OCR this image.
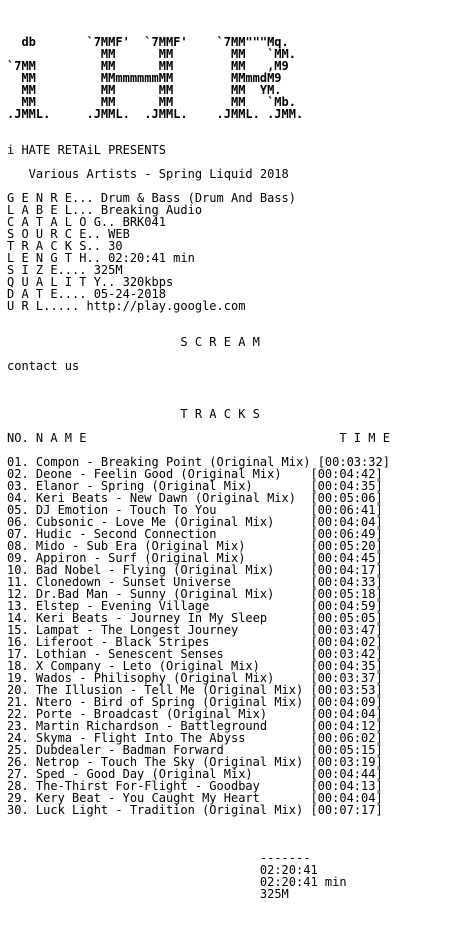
db       `7MMF'  `7MMF'    `7MM"""Mq.
MM      MM        MM   `MM.
`7MM         MM      MM        MM   ,M9
MM         MMmmmmmmMM        MMmmdM9
MM         MM      MM        MM  YM.
MM         MM      MM        MM   `Mb.
.JMML.     .JMML.  .JMML.    .JMML. .JMM.
i HATE RETAiL PRESENTS
Various Artists - Spring Liquid 2018
G E N R E... Drum & Bass (Drum And Bass)
L A B E L... Breaking Audio
C A T A L O G.. BRK041
S O U R C E.. WEB
T R A C K S.. 30
L E N G T H.. 02:20:41 min
S I Z E.... 325M
Q U A L I T Y.. 320kbps
D A T E.... 05-24-2018
U R L..... http://play.google.com
S C R E A M
contact us
T R A C K S
NO. N A M E	T I M E
01. Compon - Breaking Point (Original Mix) [00:03:32]
02. Deone - Feelin Good (Original Mix) [00:04:42]
03. Elanor - Spring (Original Mix)	[00:04:35]
04. Keri Beats - New Dawn (Original Mix) [00:05:06]
05. DJ Emotion - Touch To You	[00:06:41]
06. Cubsonic - Love Me (Original Mix)	[00:04:04]
07. Hudic - Second Connection	[00:06:49]
08. Mido - Sub Era (Original Mix)	[00:05:20]
09. Appiron - Surf (Original Mix)	[00:04:45]
10. Bad Nobel - Flying (Original Mix)	[00:04:17]
11. Clonedown - Sunset Universe	[00:04:33]
12. Dr.Bad Man - Sunny (Original Mix)	[00:05:18]
13. Elstep - Evening Village	[00:04:59]
14. Keri Beats - Journey In My Sleep	[00:05:05]
15. Lampat - The Longest Journey	[00:03:47]
16. Liferoot - Black Stripes	[00:04:02]
17. Lothian - Senescent Senses	[00:03:42]
18. X Company - Leto (Original Mix)	[00:04:35]
19. Wados - Philisophy (Original Mix)	[00:03:37]
20. The Illusion - Tell Me (Original Mix) [00:03:53]
21. Ntero - Bird of Spring (Original Mix) [00:04:09]
22. Porte - Broadcast (Original Mix)	[00:04:04]
23. Martin Richardson - Battleground	[00:04:12]
24. Skyma - Flight Into The Abyss	[00:06:02]
25. Dubdealer - Badman Forward	[00:05:15]
26. Netrop - Touch The Sky (Original Mix) [00:03:19]
27. Sped - Good Day (Original Mix)	[00:04:44]
28. The-Thirst For-Flight - Goodbay	[00:04:13]
29. Kery Beat - You Caught My Heart	[00:04:04]
30. Luck Light - Tradition (Original Mix) [00:07:17]
-------
02:20:41
02:20:41 min
325M
